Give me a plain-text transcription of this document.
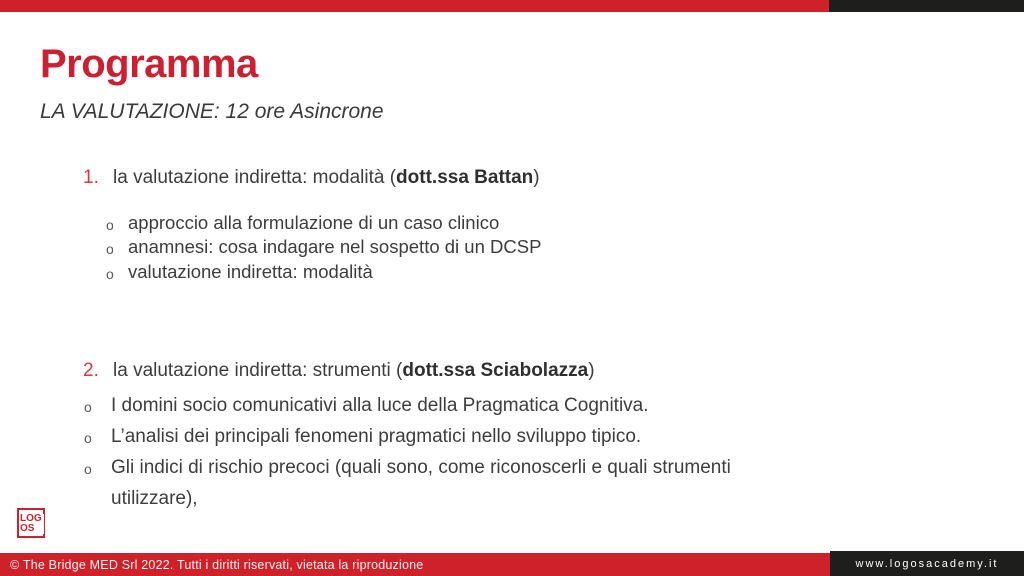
Programma
LA VALUTAZIONE: 12 ore Asincrone
1. la valutazione indiretta: modalità (dott.ssa Battan)
o approccio alla formulazione di un caso clinico
o anamnesi: cosa indagare nel sospetto di un DCSP
o valutazione indiretta: modalità
2. la valutazione indiretta: strumenti (dott.ssa Sciabolazza)
o	I domini socio comunicativi alla luce della Pragmatica Cognitiva.
o	L’analisi dei principali fenomeni pragmatici nello sviluppo tipico.
o	Gli indici di rischio precoci (quali sono, come riconoscerli e quali strumenti utilizzare),
LOG
OS
© The Bridge MED Srl 2022. Tutti i diritti riservati, vietata la riproduzione	www.logosacademy.it
